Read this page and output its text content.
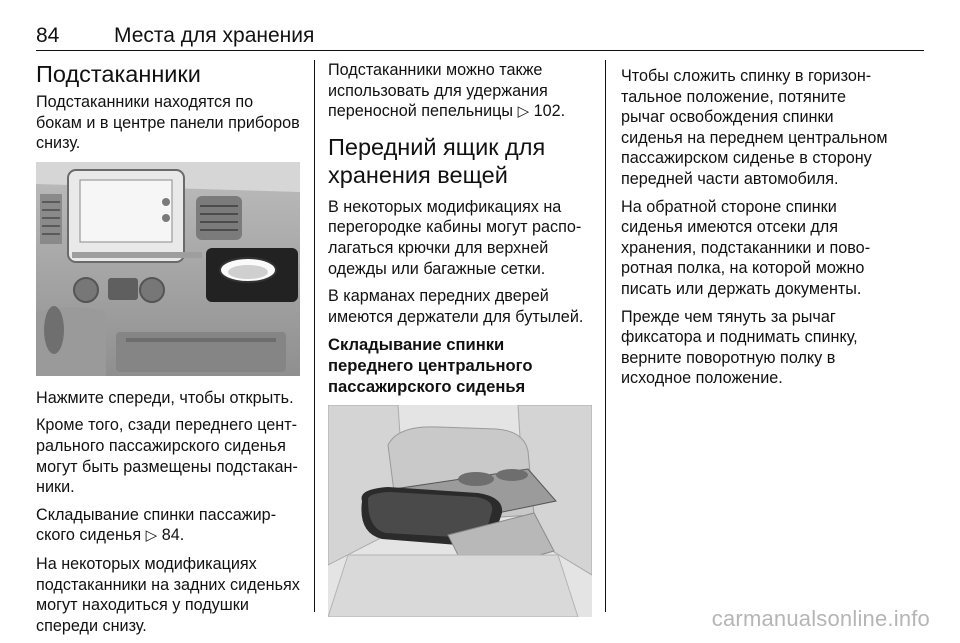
84	Места для хранения
Подстаканники

Подстаканники находятся по бокам и в центре панели приборов снизу.

Нажмите спереди, чтобы открыть.

Кроме того, сзади переднего центрального пассажирского сиденья могут быть размещены подстаканники.

Складывание спинки пассажирского сиденья ▷ 84.

На некоторых модификациях подстаканники на задних сиденьях могут находиться у подушки спереди снизу.

Подстаканники можно также использовать для удержания переносной пепельницы ▷ 102.

Передний ящик для хранения вещей

В некоторых модификациях на перегородке кабины могут располагаться крючки для верхней одежды или багажные сетки.

В карманах передних дверей имеются держатели для бутылей.

Складывание спинки переднего центрального пассажирского сиденья

Чтобы сложить спинку в горизонтальное положение, потяните рычаг освобождения спинки сиденья на переднем центральном пассажирском сиденье в сторону передней части автомобиля.

На обратной стороне спинки сиденья имеются отсеки для хранения, подстаканники и поворотная полка, на которой можно писать или держать документы.

Прежде чем тянуть за рычаг фиксатора и поднимать спинку, верните поворотную полку в исходное положение.

carmanualsonline.info
